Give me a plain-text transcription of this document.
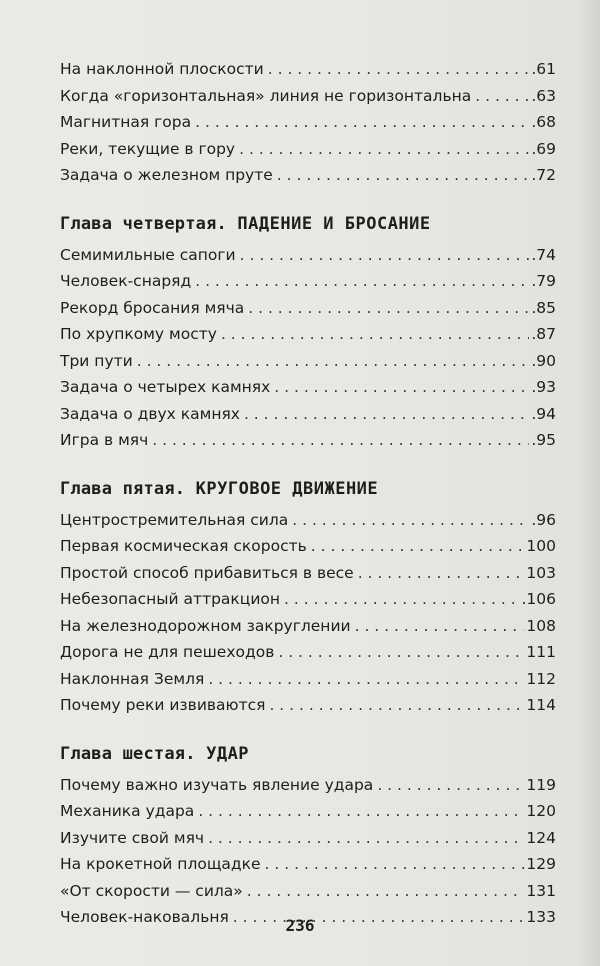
На наклонной плоскости . . .	.61
Когда «горизонтальная» линия не горизонтальна . . .	.63
Магнитная гора . . .	.68
Реки, текущие в гору . . .	.69
Задача о железном пруте . . .	.72
Глава четвертая. ПАДЕНИЕ И БРОСАНИЕ
Семимильные сапоги . . .	.74
Человек-снаряд . . .	.79
Рекорд бросания мяча . . .	.85
По хрупкому мосту . . .	.87
Три пути . . .	.90
Задача о четырех камнях . . .	.93
Задача о двух камнях . . .	.94
Игра в мяч . . .	.95
Глава пятая. КРУГОВОЕ ДВИЖЕНИЕ
Центростремительная сила . . .	.96
Первая космическая скорость . . .	100
Простой способ прибавиться в весе . . .	103
Небезопасный аттракцион . . .	.106
На железнодорожном закруглении . . .	108
Дорога не для пешеходов . . .	111
Наклонная Земля . . .	112
Почему реки извиваются . . .	114
Глава шестая. УДАР
Почему важно изучать явление удара . . .	119
Механика удара . . .	120
Изучите свой мяч . . .	124
На крокетной площадке . . .	129
«От скорости — сила» . . .	131
Человек-наковальня . . .	133
236
